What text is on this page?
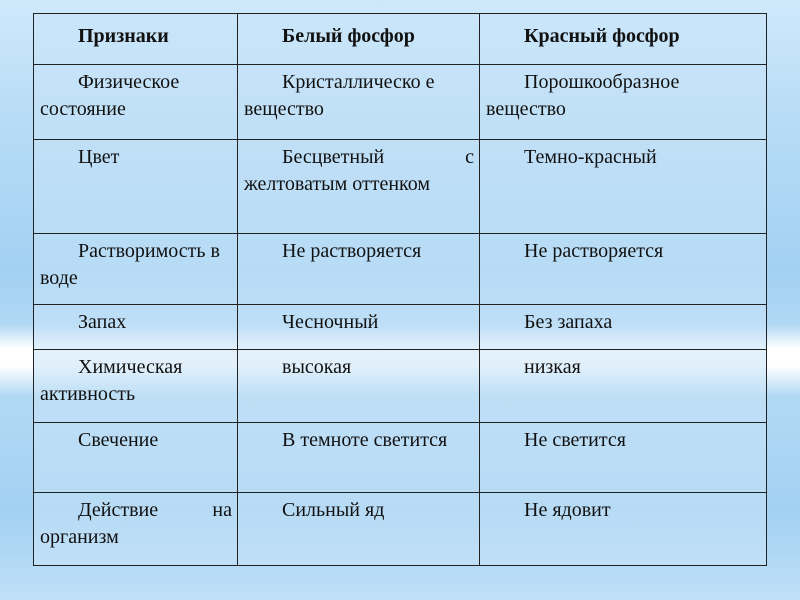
Признаки	Белый фосфор	Красный фосфор
Физическое состояние	Кристаллическо е вещество	Порошкообразное вещество
Цвет	Бесцветный с желтоватым оттенком	Темно-красный
Растворимость в воде	Не растворяется	Не растворяется
Запах	Чесночный	Без запаха
Химическая активность	высокая	низкая
Свечение	В темноте светится	Не светится
Действие на организм	Сильный яд	Не ядовит
